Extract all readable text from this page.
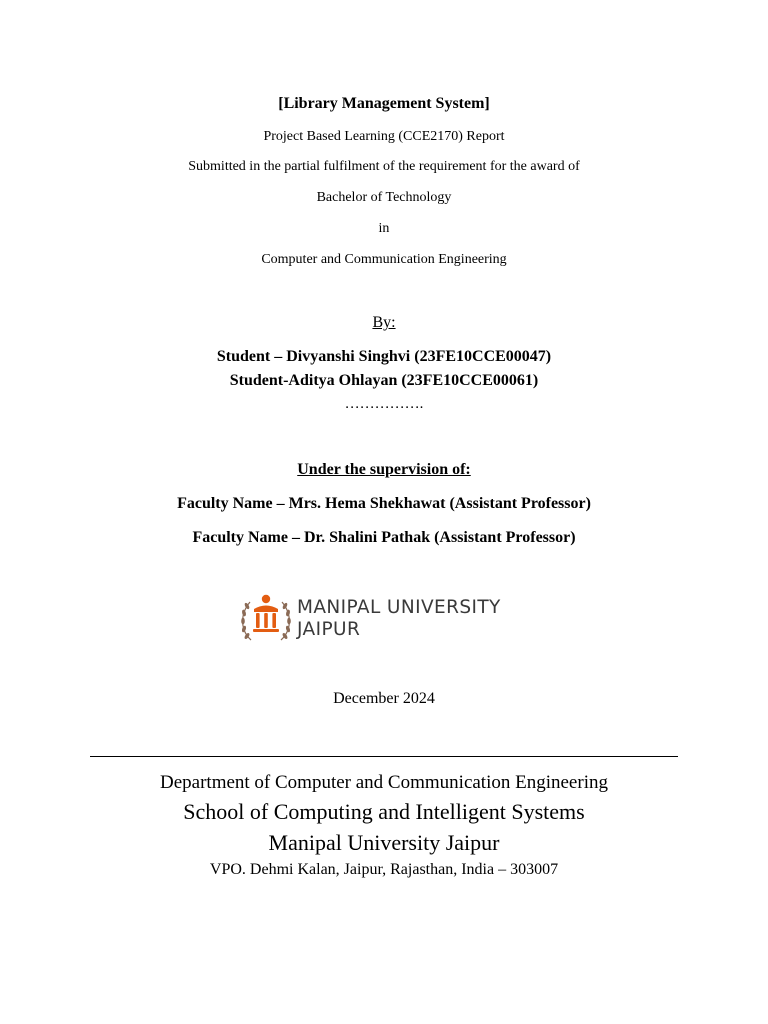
[Library Management System]
Project Based Learning (CCE2170) Report
Submitted in the partial fulfilment of the requirement for the award of
Bachelor of Technology
in
Computer and Communication Engineering
By:
Student – Divyanshi Singhvi (23FE10CCE00047)
Student-Aditya Ohlayan (23FE10CCE00061)
…………….
Under the supervision of:
Faculty Name – Mrs. Hema Shekhawat (Assistant Professor)
Faculty Name – Dr. Shalini Pathak (Assistant Professor)
MANIPAL UNIVERSITY
JAIPUR
December 2024
Department of Computer and Communication Engineering
School of Computing and Intelligent Systems
Manipal University Jaipur
VPO. Dehmi Kalan, Jaipur, Rajasthan, India – 303007
